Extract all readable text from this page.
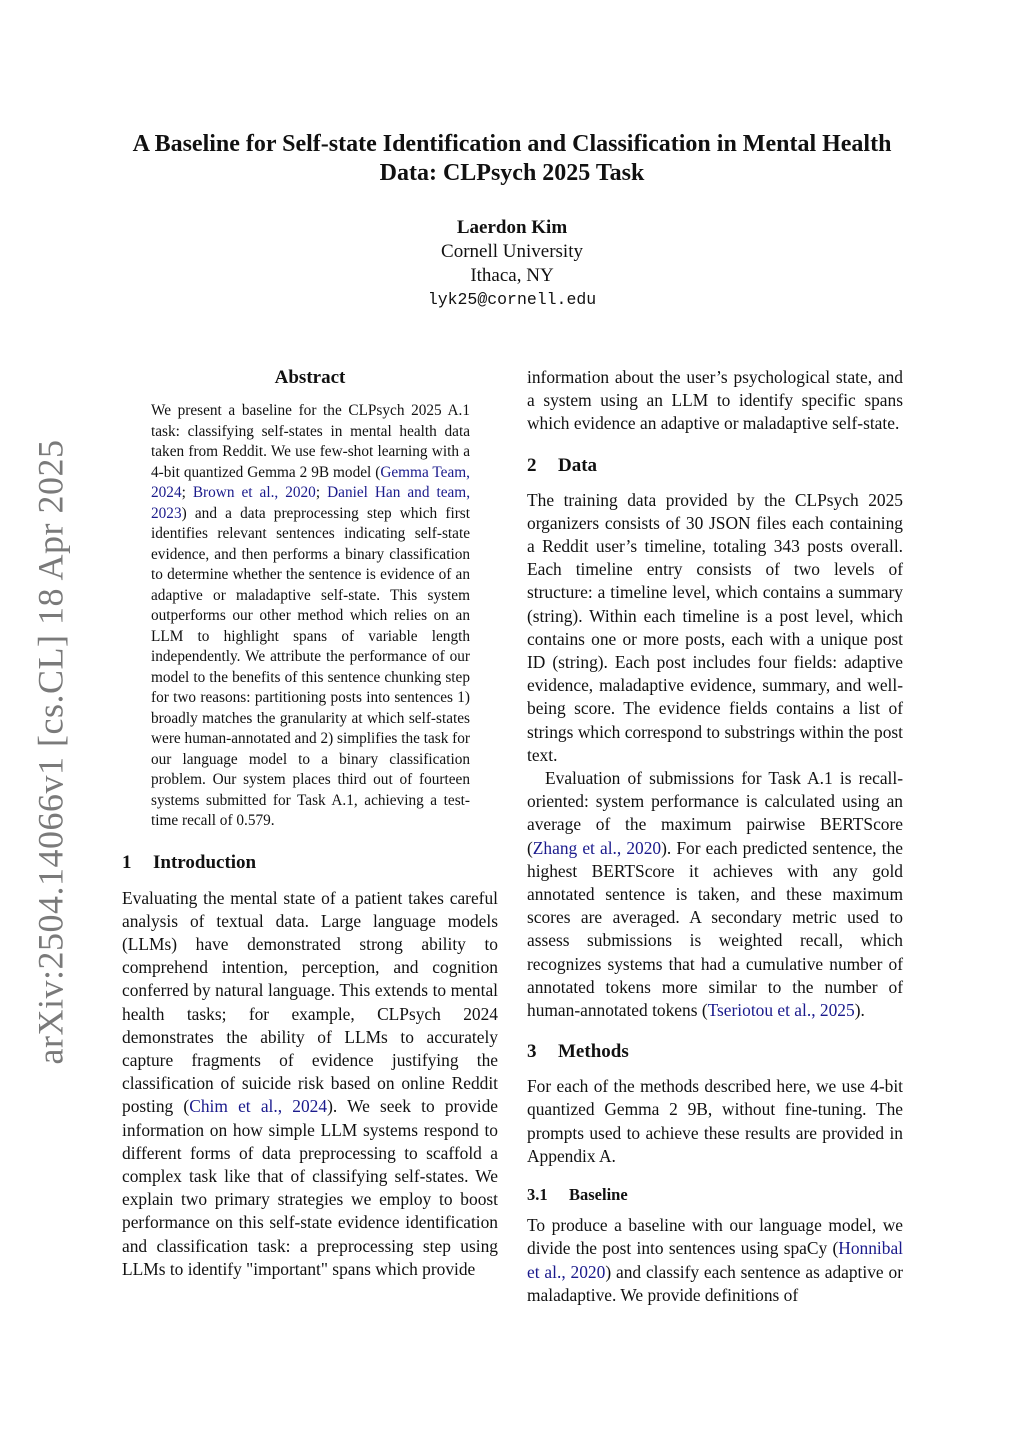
arXiv:2504.14066v1 [cs.CL] 18 Apr 2025
A Baseline for Self-state Identification and Classification in Mental Health Data: CLPsych 2025 Task
Laerdon Kim
Cornell University
Ithaca, NY
lyk25@cornell.edu
Abstract

We present a baseline for the CLPsych 2025 A.1 task: classifying self-states in mental health data taken from Reddit. We use few-shot learning with a 4-bit quantized Gemma 2 9B model (Gemma Team, 2024; Brown et al., 2020; Daniel Han and team, 2023) and a data preprocessing step which first identifies relevant sentences indicating self-state evidence, and then performs a binary classification to determine whether the sentence is evidence of an adaptive or maladaptive self-state. This system outperforms our other method which relies on an LLM to highlight spans of variable length independently. We attribute the performance of our model to the benefits of this sentence chunking step for two reasons: partitioning posts into sentences 1) broadly matches the granularity at which self-states were human-annotated and 2) simplifies the task for our language model to a binary classification problem. Our system places third out of fourteen systems submitted for Task A.1, achieving a test-time recall of 0.579.

1 Introduction

Evaluating the mental state of a patient takes careful analysis of textual data. Large language models (LLMs) have demonstrated strong ability to comprehend intention, perception, and cognition conferred by natural language. This extends to mental health tasks; for example, CLPsych 2024 demonstrates the ability of LLMs to accurately capture fragments of evidence justifying the classification of suicide risk based on online Reddit posting (Chim et al., 2024). We seek to provide information on how simple LLM systems respond to different forms of data preprocessing to scaffold a complex task like that of classifying self-states. We explain two primary strategies we employ to boost performance on this self-state evidence identification and classification task: a preprocessing step using LLMs to identify "important" spans which provide

information about the user’s psychological state, and a system using an LLM to identify specific spans which evidence an adaptive or maladaptive self-state.

2 Data

The training data provided by the CLPsych 2025 organizers consists of 30 JSON files each containing a Reddit user’s timeline, totaling 343 posts overall. Each timeline entry consists of two levels of structure: a timeline level, which contains a summary (string). Within each timeline is a post level, which contains one or more posts, each with a unique post ID (string). Each post includes four fields: adaptive evidence, maladaptive evidence, summary, and well-being score. The evidence fields contains a list of strings which correspond to substrings within the post text.

Evaluation of submissions for Task A.1 is recall-oriented: system performance is calculated using an average of the maximum pairwise BERTScore (Zhang et al., 2020). For each predicted sentence, the highest BERTScore it achieves with any gold annotated sentence is taken, and these maximum scores are averaged. A secondary metric used to assess submissions is weighted recall, which recognizes systems that had a cumulative number of annotated tokens more similar to the number of human-annotated tokens (Tseriotou et al., 2025).

3 Methods

For each of the methods described here, we use 4-bit quantized Gemma 2 9B, without fine-tuning. The prompts used to achieve these results are provided in Appendix A.

3.1 Baseline

To produce a baseline with our language model, we divide the post into sentences using spaCy (Honnibal et al., 2020) and classify each sentence as adaptive or maladaptive. We provide definitions of
